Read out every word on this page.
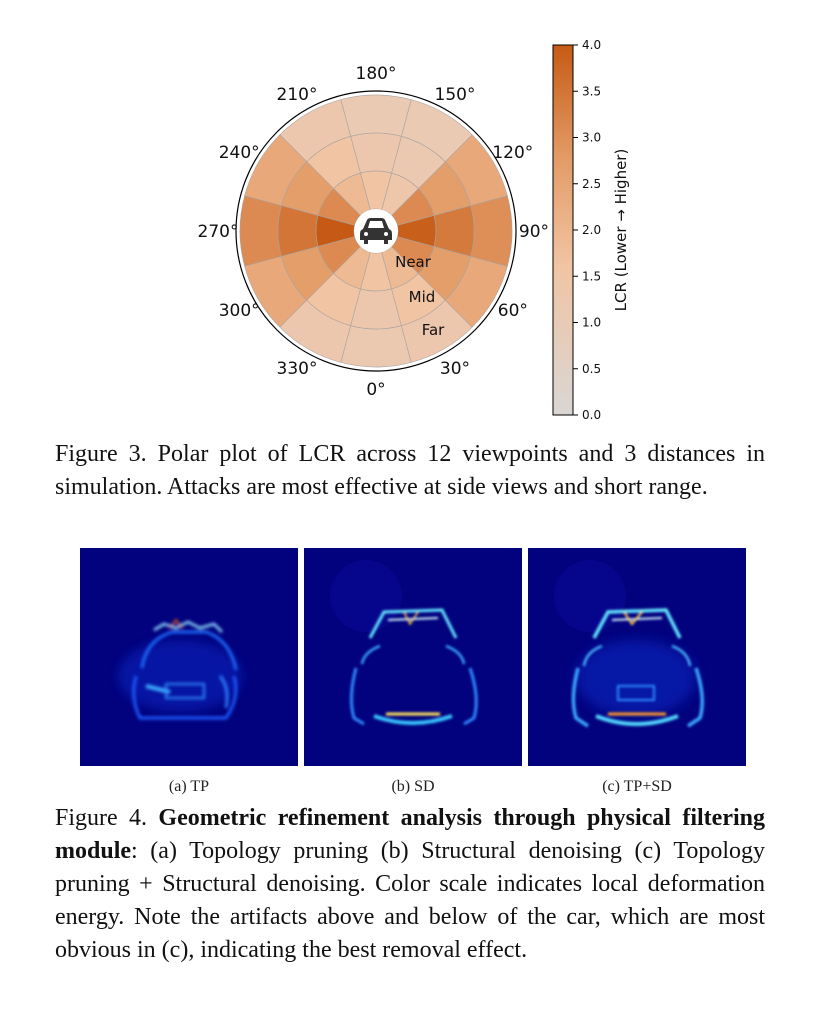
0°
30°
60°
90°
120°
150°
180°
210°
240°
270°
300°
330°
Near
Mid
Far
0.0
0.5
1.0
1.5
2.0
2.5
3.0
3.5
4.0
LCR (Lower → Higher)
Figure 3. Polar plot of LCR across 12 viewpoints and 3 distances in simulation. Attacks are most effective at side views and short range.
(a) TP	(b) SD	(c) TP+SD
Figure 4. Geometric refinement analysis through physical filtering module: (a) Topology pruning (b) Structural denoising (c) Topology pruning + Structural denoising. Color scale indicates local deformation energy. Note the artifacts above and below of the car, which are most obvious in (c), indicating the best removal effect.
